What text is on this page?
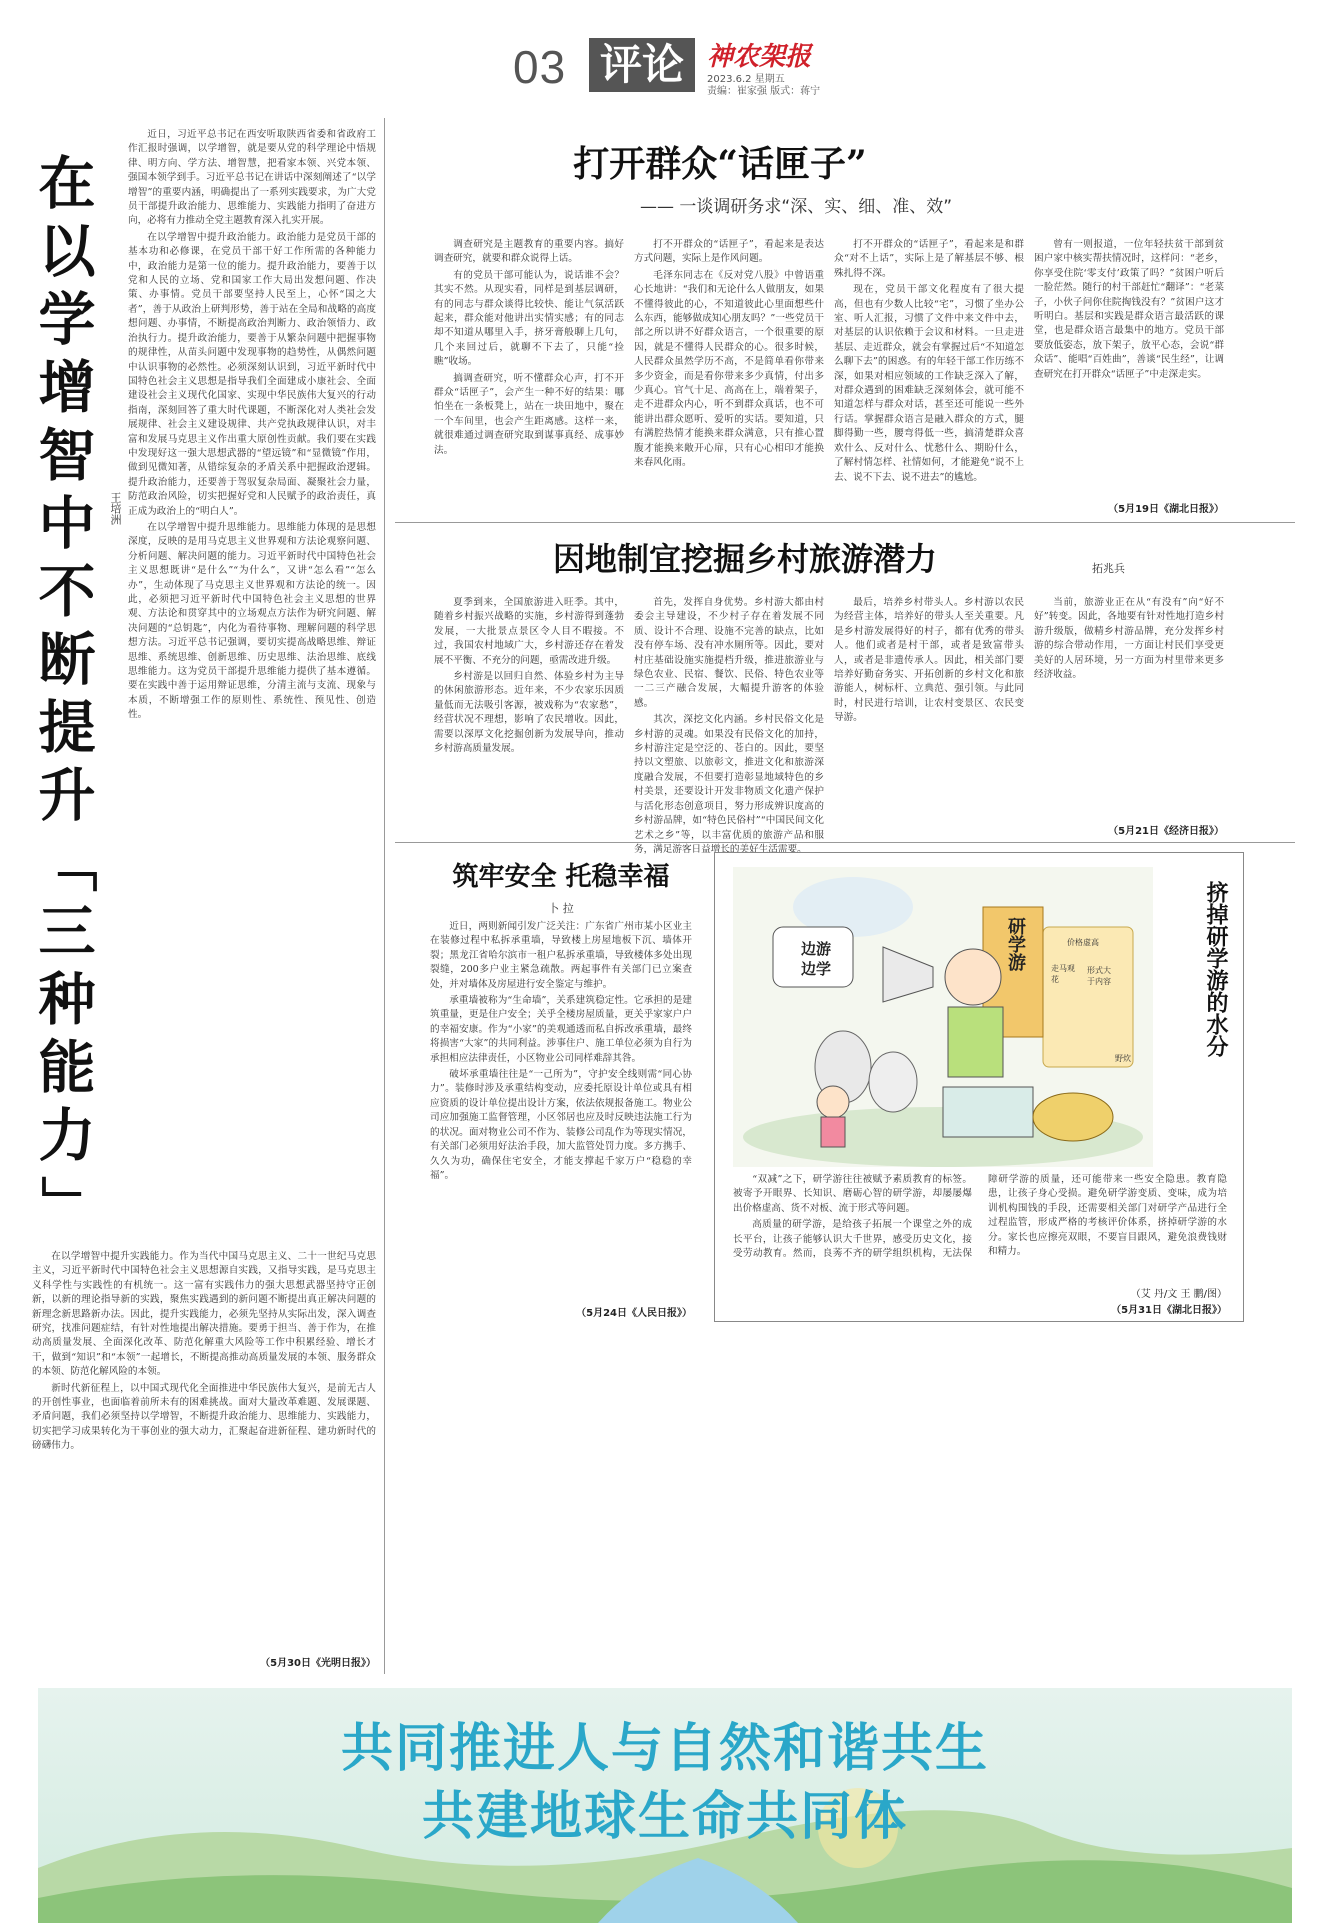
03 评论 神农架报
2023.6.2 星期五
责编：崔家强 版式：蒋宁
在
以
学
增
智
中
不
断
提
升
「
三
种
能
力
」
王培洲

近日，习近平总书记在西安听取陕西省委和省政府工作汇报时强调，以学增智，就是要从党的科学理论中悟规律、明方向、学方法、增智慧，把看家本领、兴党本领、强国本领学到手。习近平总书记在讲话中深刻阐述了“以学增智”的重要内涵，明确提出了一系列实践要求，为广大党员干部提升政治能力、思维能力、实践能力指明了奋进方向，必将有力推动全党主题教育深入扎实开展。

在以学增智中提升政治能力。政治能力是党员干部的基本功和必修课，在党员干部干好工作所需的各种能力中，政治能力是第一位的能力。提升政治能力，要善于以党和人民的立场、党和国家工作大局出发想问题、作决策、办事情。党员干部要坚持人民至上，心怀“国之大者”，善于从政治上研判形势，善于站在全局和战略的高度想问题、办事情，不断提高政治判断力、政治领悟力、政治执行力。提升政治能力，要善于从繁杂问题中把握事物的规律性，从苗头问题中发现事物的趋势性，从偶然问题中认识事物的必然性。必须深刻认识到，习近平新时代中国特色社会主义思想是指导我们全面建成小康社会、全面建设社会主义现代化国家、实现中华民族伟大复兴的行动指南，深刻回答了重大时代课题，不断深化对人类社会发展规律、社会主义建设规律、共产党执政规律认识，对丰富和发展马克思主义作出重大原创性贡献。我们要在实践中发现好这一强大思想武器的“望远镜”和“显微镜”作用，做到见微知著，从错综复杂的矛盾关系中把握政治逻辑。提升政治能力，还要善于驾驭复杂局面、凝聚社会力量，防范政治风险，切实把握好党和人民赋予的政治责任，真正成为政治上的“明白人”。

在以学增智中提升思维能力。思维能力体现的是思想深度，反映的是用马克思主义世界观和方法论观察问题、分析问题、解决问题的能力。习近平新时代中国特色社会主义思想既讲“是什么”“为什么”，又讲“怎么看”“怎么办”，生动体现了马克思主义世界观和方法论的统一。因此，必须把习近平新时代中国特色社会主义思想的世界观、方法论和贯穿其中的立场观点方法作为研究问题、解决问题的“总钥匙”，内化为看待事物、理解问题的科学思想方法。习近平总书记强调，要切实提高战略思维、辩证思维、系统思维、创新思维、历史思维、法治思维、底线思维能力。这为党员干部提升思维能力提供了基本遵循。要在实践中善于运用辩证思维，分清主流与支流、现象与本质，不断增强工作的原则性、系统性、预见性、创造性。

在以学增智中提升实践能力。作为当代中国马克思主义、二十一世纪马克思主义，习近平新时代中国特色社会主义思想源自实践，又指导实践，是马克思主义科学性与实践性的有机统一。这一富有实践伟力的强大思想武器坚持守正创新，以新的理论指导新的实践，聚焦实践遇到的新问题不断提出真正解决问题的新理念新思路新办法。因此，提升实践能力，必须先坚持从实际出发，深入调查研究，找准问题症结，有针对性地提出解决措施。要勇于担当、善于作为，在推动高质量发展、全面深化改革、防范化解重大风险等工作中积累经验、增长才干，做到“知识”和“本领”一起增长，不断提高推动高质量发展的本领、服务群众的本领、防范化解风险的本领。

新时代新征程上，以中国式现代化全面推进中华民族伟大复兴，是前无古人的开创性事业，也面临着前所未有的困难挑战。面对大量改革难题、发展课题、矛盾问题，我们必须坚持以学增智，不断提升政治能力、思维能力、实践能力，切实把学习成果转化为干事创业的强大动力，汇聚起奋进新征程、建功新时代的磅礴伟力。

（5月30日《光明日报》）
打开群众“话匣子”
—— 一谈调研务求“深、实、细、准、效”

调查研究是主题教育的重要内容。搞好调查研究，就要和群众说得上话。

有的党员干部可能认为，说话谁不会？其实不然。从现实看，同样是到基层调研，有的同志与群众谈得比较快、能让气氛活跃起来，群众能对他讲出实情实感；有的同志却不知道从哪里入手，挤牙膏般聊上几句，几个来回过后，就聊不下去了，只能“捡瞧”收场。

搞调查研究，听不懂群众心声，打不开群众“话匣子”，会产生一种不好的结果：哪怕坐在一条板凳上，站在一块田地中，聚在一个车间里，也会产生距离感。这样一来，就很难通过调查研究取到谋事真经、成事妙法。

打不开群众的“话匣子”，看起来是表达方式问题，实际上是作风问题。

毛泽东同志在《反对党八股》中曾语重心长地讲：“我们和无论什么人做朋友，如果不懂得彼此的心，不知道彼此心里面想些什么东西，能够做成知心朋友吗？”一些党员干部之所以讲不好群众语言，一个很重要的原因，就是不懂得人民群众的心。很多时候，人民群众虽然学历不高，不是简单看你带来多少资金，而是看你带来多少真情，付出多少真心。官气十足、高高在上，端着架子，走不进群众内心，听不到群众真话，也不可能讲出群众愿听、爱听的实话。要知道，只有满腔热情才能换来群众满意，只有推心置腹才能换来敞开心扉，只有心心相印才能换来春风化雨。

打不开群众的“话匣子”，看起来是和群众“对不上话”，实际上是了解基层不够、根殊扎得不深。

现在，党员干部文化程度有了很大提高，但也有少数人比较“宅”，习惯了坐办公室、听人汇报，习惯了文件中来文件中去，对基层的认识依赖于会议和材料。一旦走进基层、走近群众，就会有掌握过后“不知道怎么聊下去”的困惑。有的年轻干部工作历练不深，如果对相应领域的工作缺乏深入了解，对群众遇到的困难缺乏深刻体会，就可能不知道怎样与群众对话，甚至还可能说一些外行话。掌握群众语言是融入群众的方式，腿脚得勤一些，腰弯得低一些，搞清楚群众喜欢什么、反对什么、忧愁什么、期盼什么，了解村情怎样、社情如何，才能避免“说不上去、说不下去、说不进去”的尴尬。

曾有一则报道，一位年轻扶贫干部到贫困户家中核实帮扶情况时，这样问：“老乡，你享受住院‘零支付’政策了吗？”贫困户听后一脸茫然。随行的村干部赶忙“翻译”：“老菜子，小伙子问你住院掏钱没有？”贫困户这才听明白。基层和实践是群众语言最活跃的课堂，也是群众语言最集中的地方。党员干部要放低姿态，放下架子，放平心态，会说“群众话”、能唱“百姓曲”，善谈“民生经”，让调查研究在打开群众“话匣子”中走深走实。

（5月19日《湖北日报》）
因地制宜挖掘乡村旅游潜力	拓兆兵

夏季到来，全国旅游进入旺季。其中，随着乡村振兴战略的实施，乡村游得到蓬勃发展，一大批景点景区令人目不暇接。不过，我国农村地域广大，乡村游还存在着发展不平衡、不充分的问题，亟需改进升级。

乡村游是以回归自然、体验乡村为主导的休闲旅游形态。近年来，不少农家乐因质量低而无法吸引客源，被戏称为“农家愁”，经营状况不理想，影响了农民增收。因此，需要以深厚文化挖掘创新为发展导向，推动乡村游高质量发展。

首先，发挥自身优势。乡村游大都由村委会主导建设，不少村子存在着发展不同质、设计不合理、设施不完善的缺点，比如没有停车场、没有冲水厕所等。因此，要对村庄基础设施实施提档升级，推进旅游业与绿色农业、民宿、餐饮、民俗、特色农业等一二三产融合发展，大幅提升游客的体验感。

其次，深挖文化内涵。乡村民俗文化是乡村游的灵魂。如果没有民俗文化的加持，乡村游注定是空泛的、苍白的。因此，要坚持以文塑旅、以旅彰文，推进文化和旅游深度融合发展，不但要打造彰显地域特色的乡村美景，还要设计开发非物质文化遗产保护与活化形态创意项目，努力形成辨识度高的乡村游品牌，如“特色民俗村”“中国民间文化艺术之乡”等，以丰富优质的旅游产品和服务，满足游客日益增长的美好生活需要。

最后，培养乡村带头人。乡村游以农民为经营主体，培养好的带头人至关重要。凡是乡村游发展得好的村子，都有优秀的带头人。他们或者是村干部，或者是致富带头人，或者是非遗传承人。因此，相关部门要培养好勤奋务实、开拓创新的乡村文化和旅游能人，树标杆、立典范、强引领。与此同时，村民进行培训，让农村变景区、农民变导游。

当前，旅游业正在从“有没有”向“好不好”转变。因此，各地要有针对性地打造乡村游升级版，做精乡村游品牌，充分发挥乡村游的综合带动作用，一方面让村民们享受更美好的人居环境，另一方面为村里带来更多经济收益。

（5月21日《经济日报》）
筑牢安全 托稳幸福
卜 拉

近日，两则新闻引发广泛关注：广东省广州市某小区业主在装修过程中私拆承重墙，导致楼上房屋地板下沉、墙体开裂；黑龙江省哈尔滨市一租户私拆承重墙，导致楼体多处出现裂缝，200多户业主紧急疏散。两起事件有关部门已立案查处，并对墙体及房屋进行安全鉴定与维护。

承重墙被称为“生命墙”，关系建筑稳定性。它承担的是建筑重量，更是住户安全；关乎全楼房屋质量，更关乎家家户户的幸福安康。作为“小家”的美观通透而私自拆改承重墙，最终将损害“大家”的共同利益。涉事住户、施工单位必须为自行为承担相应法律责任，小区物业公司同样难辞其咎。

破坏承重墙往往是“一己所为”，守护安全线则需“同心协力”。装修时涉及承重结构变动，应委托原设计单位或具有相应资质的设计单位提出设计方案，依法依规报备施工。物业公司应加强施工监督管理，小区邻居也应及时反映违法施工行为的状况。面对物业公司不作为、装修公司乱作为等现实情况，有关部门必须用好法治手段，加大监管处罚力度。多方携手、久久为功，确保住宅安全，才能支撑起千家万户“稳稳的幸福”。

（5月24日《人民日报》）
边游
边学	研学游	价格虚高
走马观花
形式大于内容
野炊
挤掉研学游的水分

“双减”之下，研学游往往被赋予素质教育的标签。被寄予开眼界、长知识、磨砺心智的研学游，却屡屡爆出价格虚高、货不对板、流于形式等问题。

高质量的研学游，是给孩子拓展一个课堂之外的成长平台，让孩子能够认识大千世界，感受历史文化，接受劳动教育。然而，良莠不齐的研学组织机构，无法保障研学游的质量，还可能带来一些安全隐患。教育隐患，让孩子身心受损。避免研学游变质、变味，成为培训机构围钱的手段，还需要相关部门对研学产品进行全过程监管，形成严格的考核评价体系，挤掉研学游的水分。家长也应擦亮双眼，不要盲目跟风，避免浪费钱财和精力。

（艾 丹/文 王 鹏/图）
（5月31日《湖北日报》）
共同推进人与自然和谐共生
共建地球生命共同体
